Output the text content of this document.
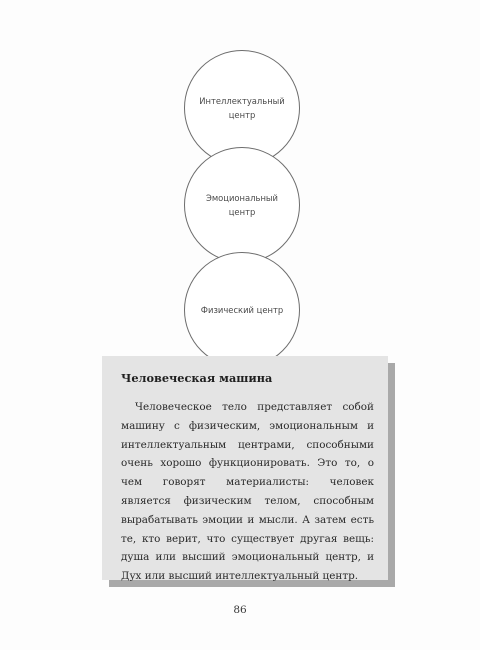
Интеллектуальный центр
Эмоциональный центр
Физический центр
Человеческая машина

Человеческое тело представляет собой машину с физическим, эмоциональным и интеллектуальным центрами, способными очень хорошо функционировать. Это то, о чем говорят материалисты: человек является физическим телом, способным вырабатывать эмоции и мысли. А затем есть те, кто верит, что существует другая вещь: душа или высший эмоциональный центр, и Дух или высший интеллектуальный центр.

86
